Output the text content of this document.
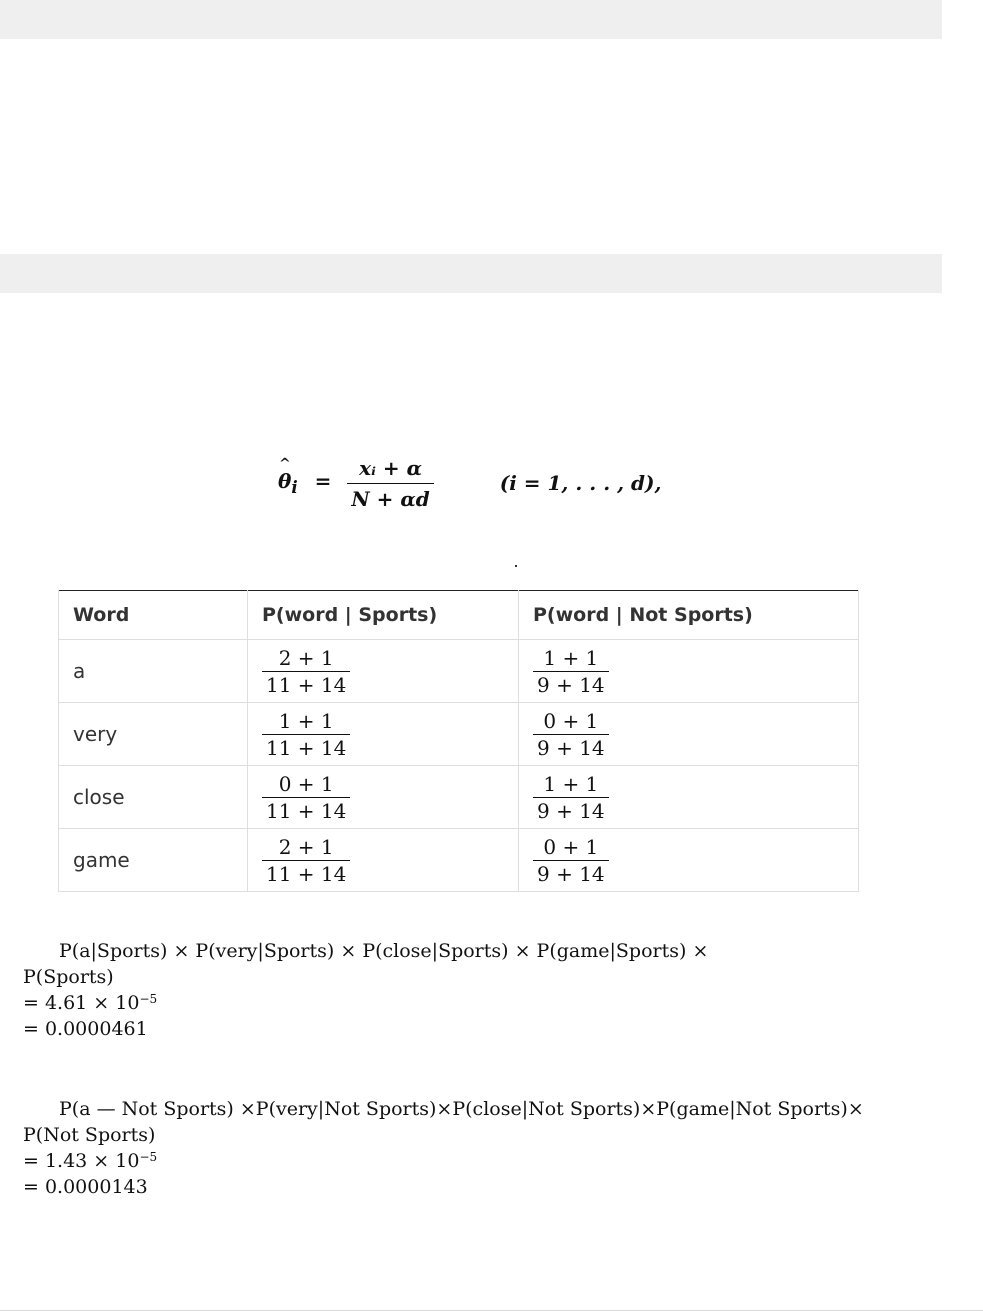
^
$\theta_i = \frac{\text{xᵢ + α}}{N + \alpha d}$	(i = 1, . . . , d),
Word	P(word | Sports)	P(word | Not Sports)
a	$\frac{2 + 1}{11 + 14}$	$\frac{1 + 1}{9 + 14}$

very	$\frac{1 + 1}{11 + 14}$	$\frac{0 + 1}{9 + 14}$

close	$\frac{0 + 1}{11 + 14}$	$\frac{1 + 1}{9 + 14}$

game	$\frac{2 + 1}{11 + 14}$	$\frac{0 + 1}{9 + 14}$
P(a|Sports) × P(very|Sports) × P(close|Sports) × P(game|Sports) ×
P(Sports)
= $4.61 \times 10^{-5}$
= 0.0000461
P(a — Not Sports) ×P(very|Not Sports)×P(close|Not Sports)×P(game|Not Sports)×
P(Not Sports)
= $1.43 \times 10^{-5}$
= 0.0000143
